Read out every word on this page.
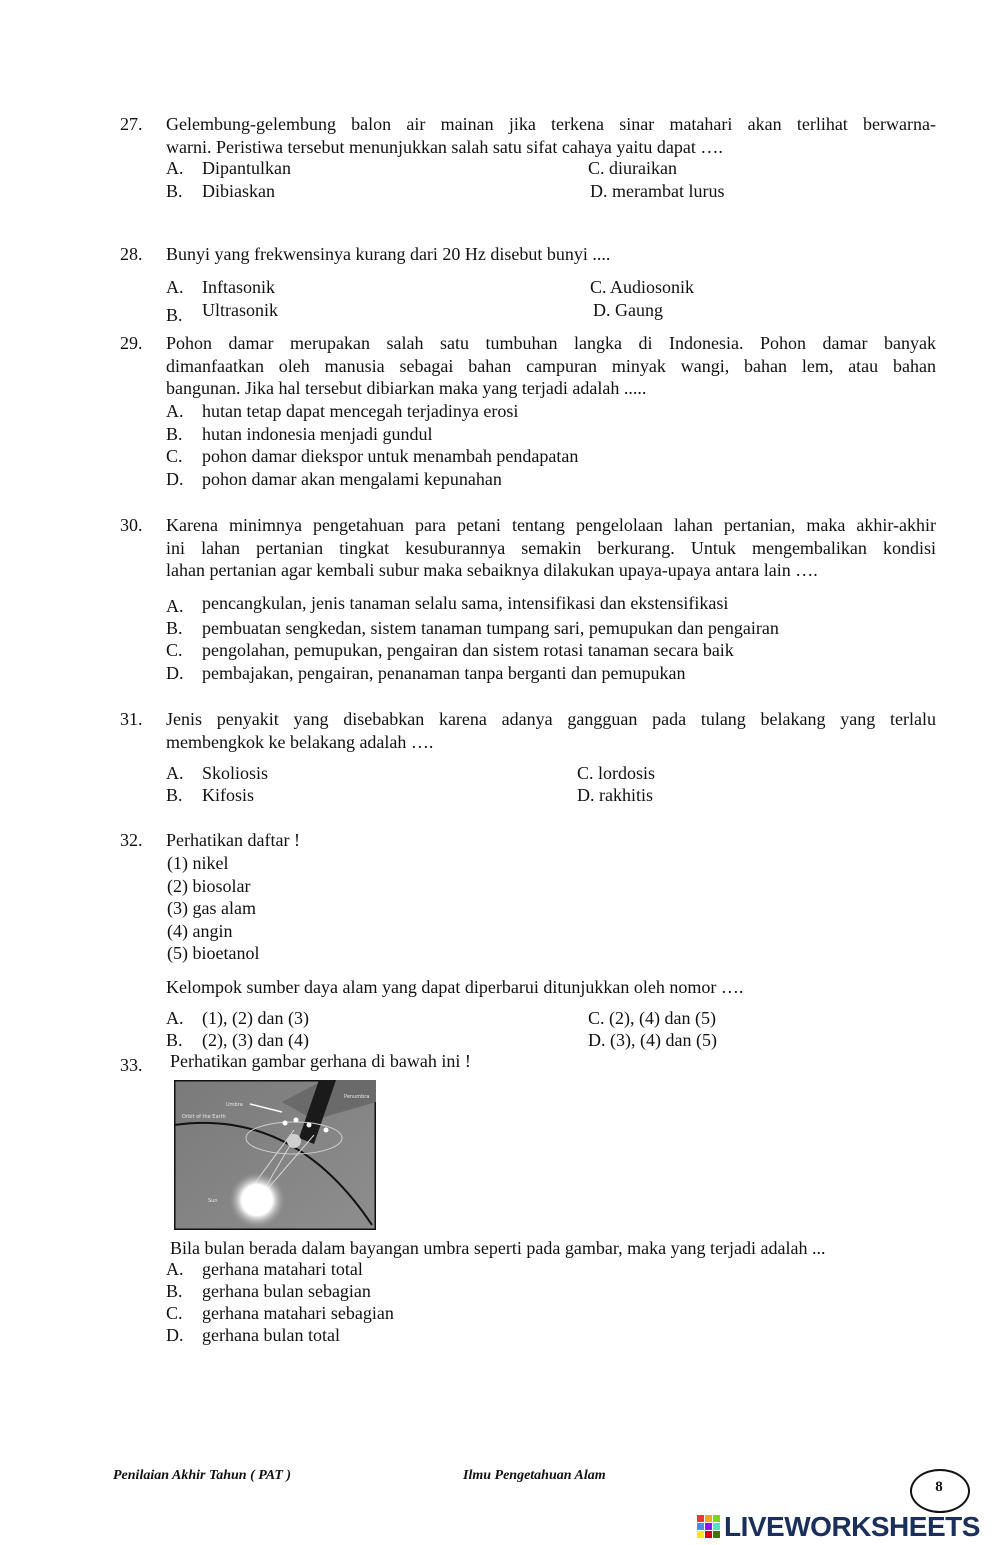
27. Gelembung-gelembung balon air mainan jika terkena sinar matahari akan terlihat berwarna-
warni. Peristiwa tersebut menunjukkan salah satu sifat cahaya yaitu dapat ….
A. Dipantulkan
B. Dibiaskan
C. diuraikan
D. merambat lurus
28. Bunyi yang frekwensinya kurang dari 20 Hz disebut bunyi ....
A. Inftasonik
B. Ultrasonik
C. Audiosonik
D. Gaung
29. Pohon damar merupakan salah satu tumbuhan langka di Indonesia. Pohon damar banyak
dimanfaatkan oleh manusia sebagai bahan campuran minyak wangi, bahan lem, atau bahan
bangunan. Jika hal tersebut dibiarkan maka yang terjadi adalah .....
A. hutan tetap dapat mencegah terjadinya erosi
B. hutan indonesia menjadi gundul
C. pohon damar diekspor untuk menambah pendapatan
D. pohon damar akan mengalami kepunahan
30. Karena minimnya pengetahuan para petani tentang pengelolaan lahan pertanian, maka akhir-akhir
ini lahan pertanian tingkat kesuburannya semakin berkurang. Untuk mengembalikan kondisi
lahan pertanian agar kembali subur maka sebaiknya dilakukan upaya-upaya antara lain ….
A. pencangkulan, jenis tanaman selalu sama, intensifikasi dan ekstensifikasi
B. pembuatan sengkedan, sistem tanaman tumpang sari, pemupukan dan pengairan
C. pengolahan, pemupukan, pengairan dan sistem rotasi tanaman secara baik
D. pembajakan, pengairan, penanaman tanpa berganti dan pemupukan
31. Jenis penyakit yang disebabkan karena adanya gangguan pada tulang belakang yang terlalu
membengkok ke belakang adalah ….
A. Skoliosis
B. Kifosis
C. lordosis
D. rakhitis
32. Perhatikan daftar !
(1) nikel
(2) biosolar
(3) gas alam
(4) angin
(5) bioetanol
Kelompok sumber daya alam yang dapat diperbarui ditunjukkan oleh nomor ….
A. (1), (2) dan (3)
B. (2), (3) dan (4)
C. (2), (4) dan (5)
D. (3), (4) dan (5)
33. Perhatikan gambar gerhana di bawah ini !
Penumbra
Umbra
Orbit of the Earth
Sun
Bila bulan berada dalam bayangan umbra seperti pada gambar, maka yang terjadi adalah ...
A. gerhana matahari total
B. gerhana bulan sebagian
C. gerhana matahari sebagian
D. gerhana bulan total
Penilaian Akhir Tahun ( PAT )	Ilmu Pengetahuan Alam
8
LIVEWORKSHEETS
